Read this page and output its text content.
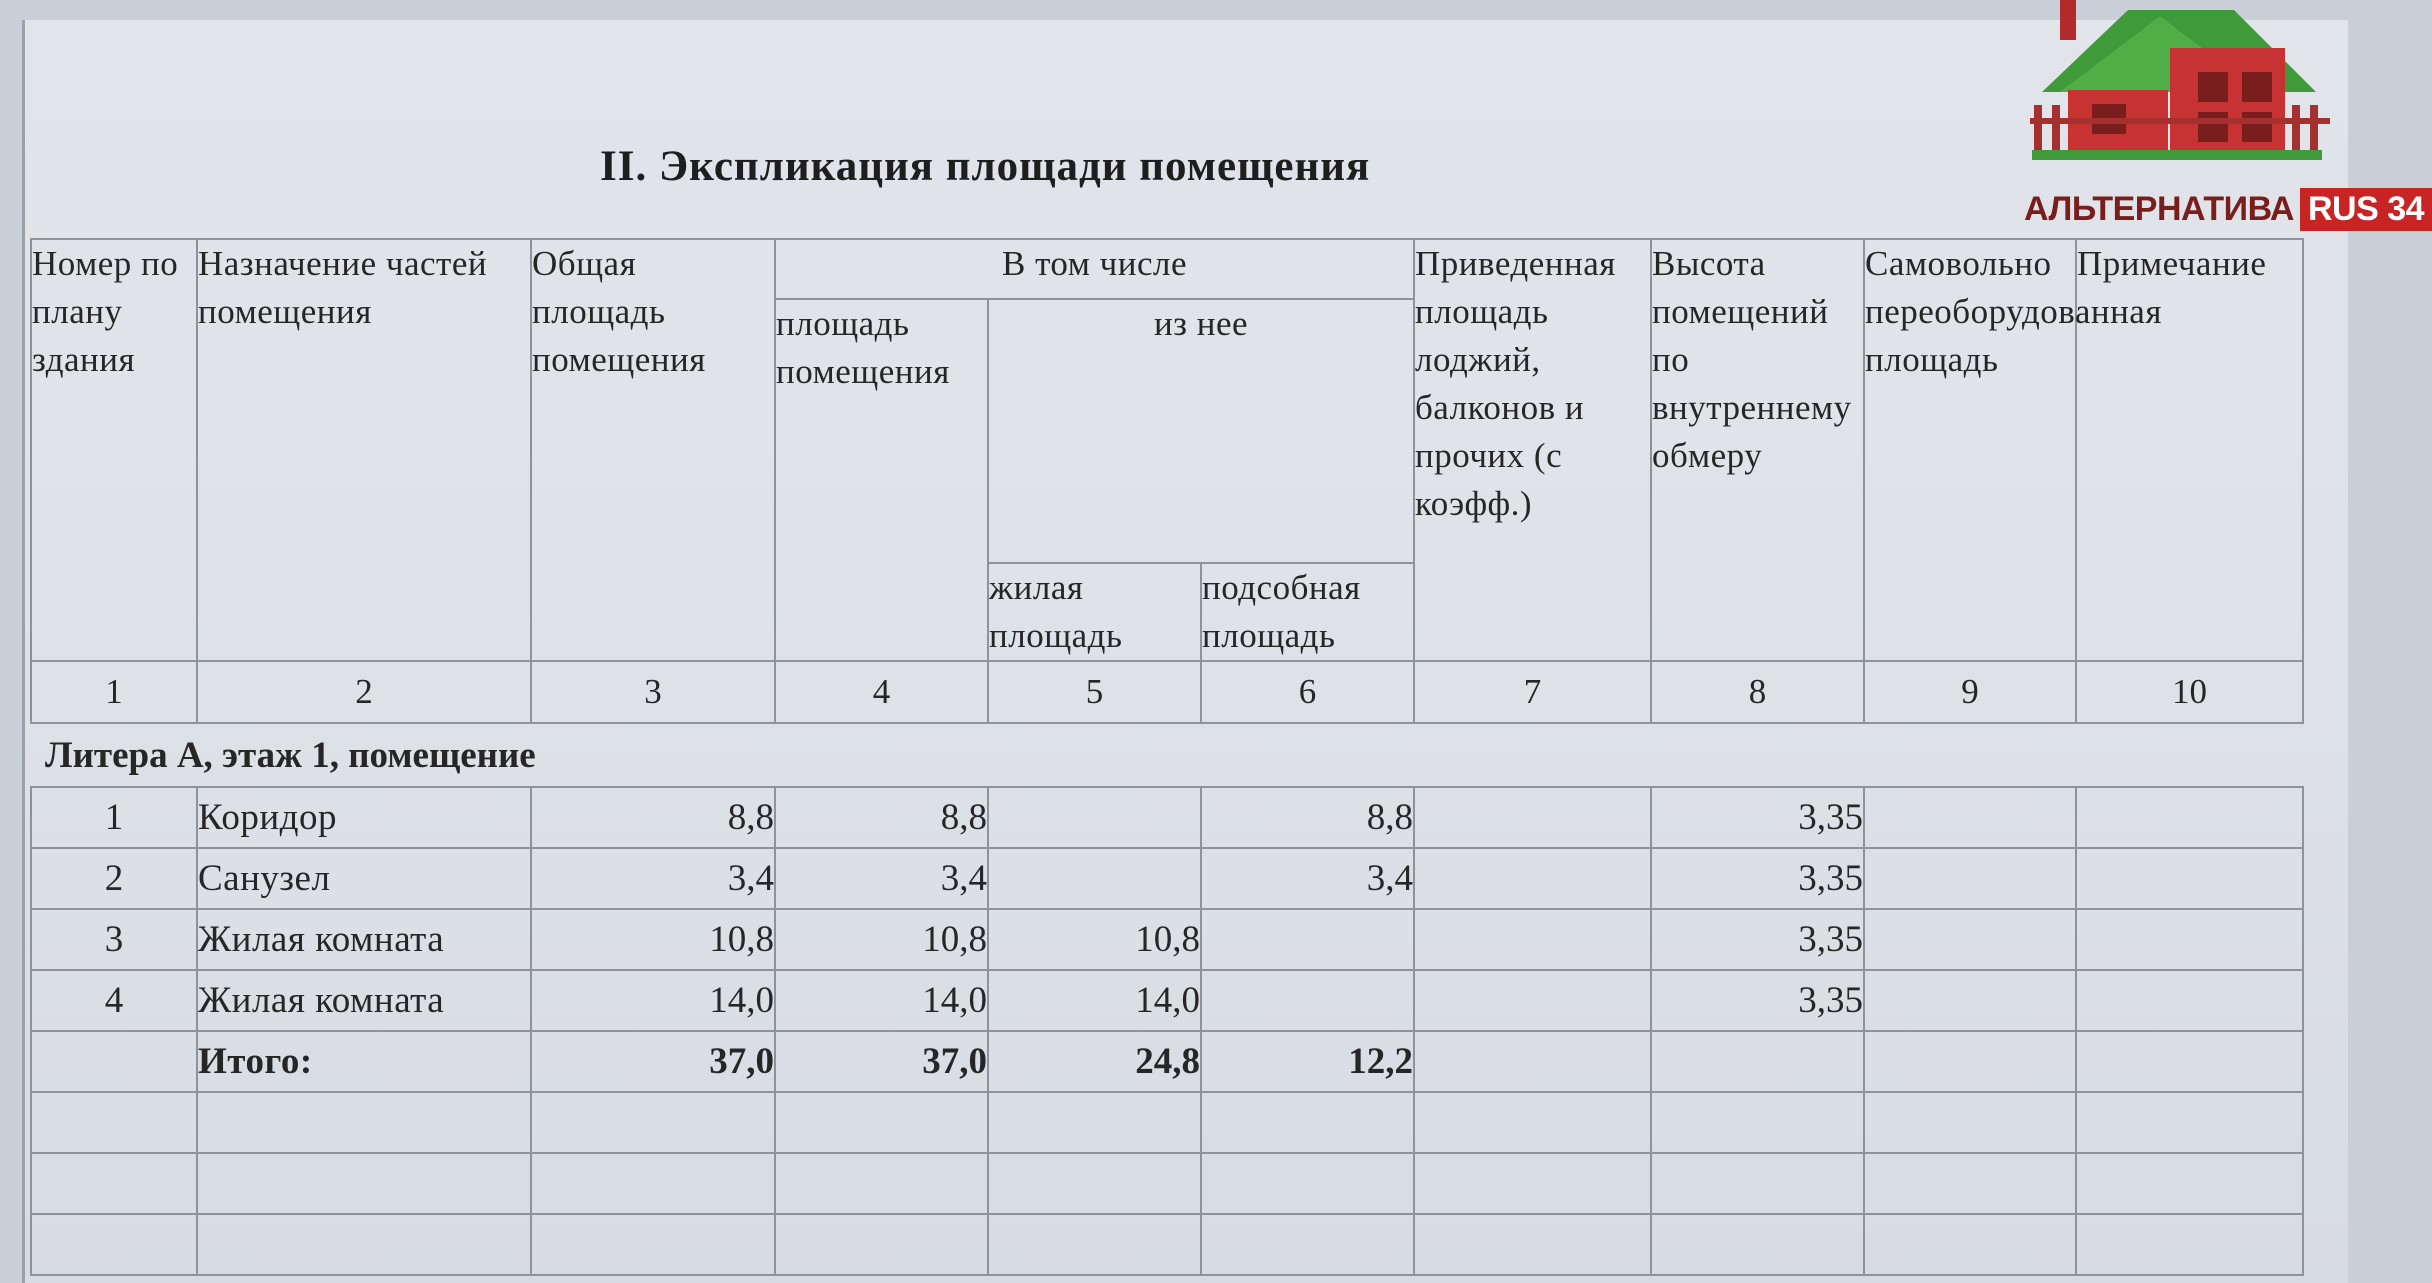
АЛЬТЕРНАТИВА RUS 34
II. Экспликация площади помещения
Номер по плану здания	Назначение частей помещения	Общая площадь помещения	В том числе			Приведенная площадь лоджий, балконов и прочих (с коэфф.)	Высота помещений по внутреннему обмеру	Самовольно переоборудованная площадь	Примечание
			площадь помещения	из нее					
				жилая площадь	подсобная площадь				
1	2	3	4	5	6	7	8	9	10
Литера А, этаж 1, помещение									
1	Коридор	8,8	8,8		8,8		3,35		
2	Санузел	3,4	3,4		3,4		3,35		
3	Жилая комната	10,8	10,8	10,8			3,35		
4	Жилая комната	14,0	14,0	14,0			3,35		
	Итого:	37,0	37,0	24,8	12,2				
